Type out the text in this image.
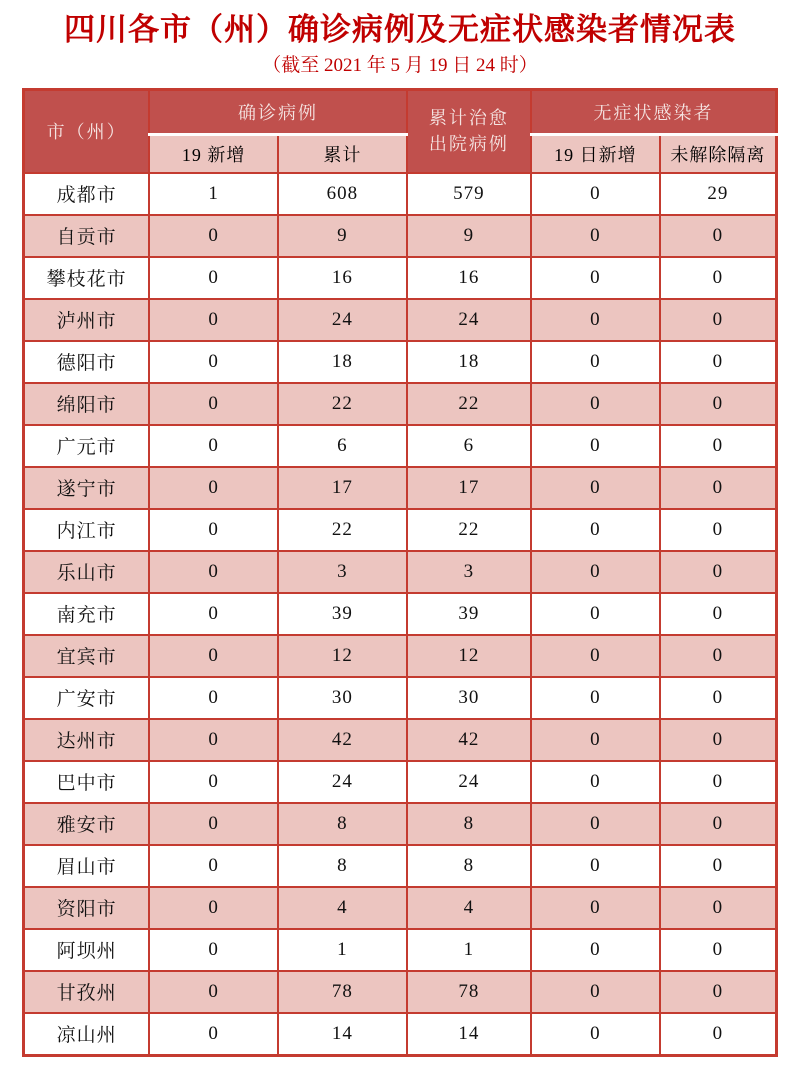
四川各市（州）确诊病例及无症状感染者情况表
（截至 2021 年 5 月 19 日 24 时）
市（州）	确诊病例		累计治愈出院病例	无症状感染者	
	19 新增	累计		19 日新增	未解除隔离
成都市	1	608	579	0	29
自贡市	0	9	9	0	0
攀枝花市	0	16	16	0	0
泸州市	0	24	24	0	0
德阳市	0	18	18	0	0
绵阳市	0	22	22	0	0
广元市	0	6	6	0	0
遂宁市	0	17	17	0	0
内江市	0	22	22	0	0
乐山市	0	3	3	0	0
南充市	0	39	39	0	0
宜宾市	0	12	12	0	0
广安市	0	30	30	0	0
达州市	0	42	42	0	0
巴中市	0	24	24	0	0
雅安市	0	8	8	0	0
眉山市	0	8	8	0	0
资阳市	0	4	4	0	0
阿坝州	0	1	1	0	0
甘孜州	0	78	78	0	0
凉山州	0	14	14	0	0
